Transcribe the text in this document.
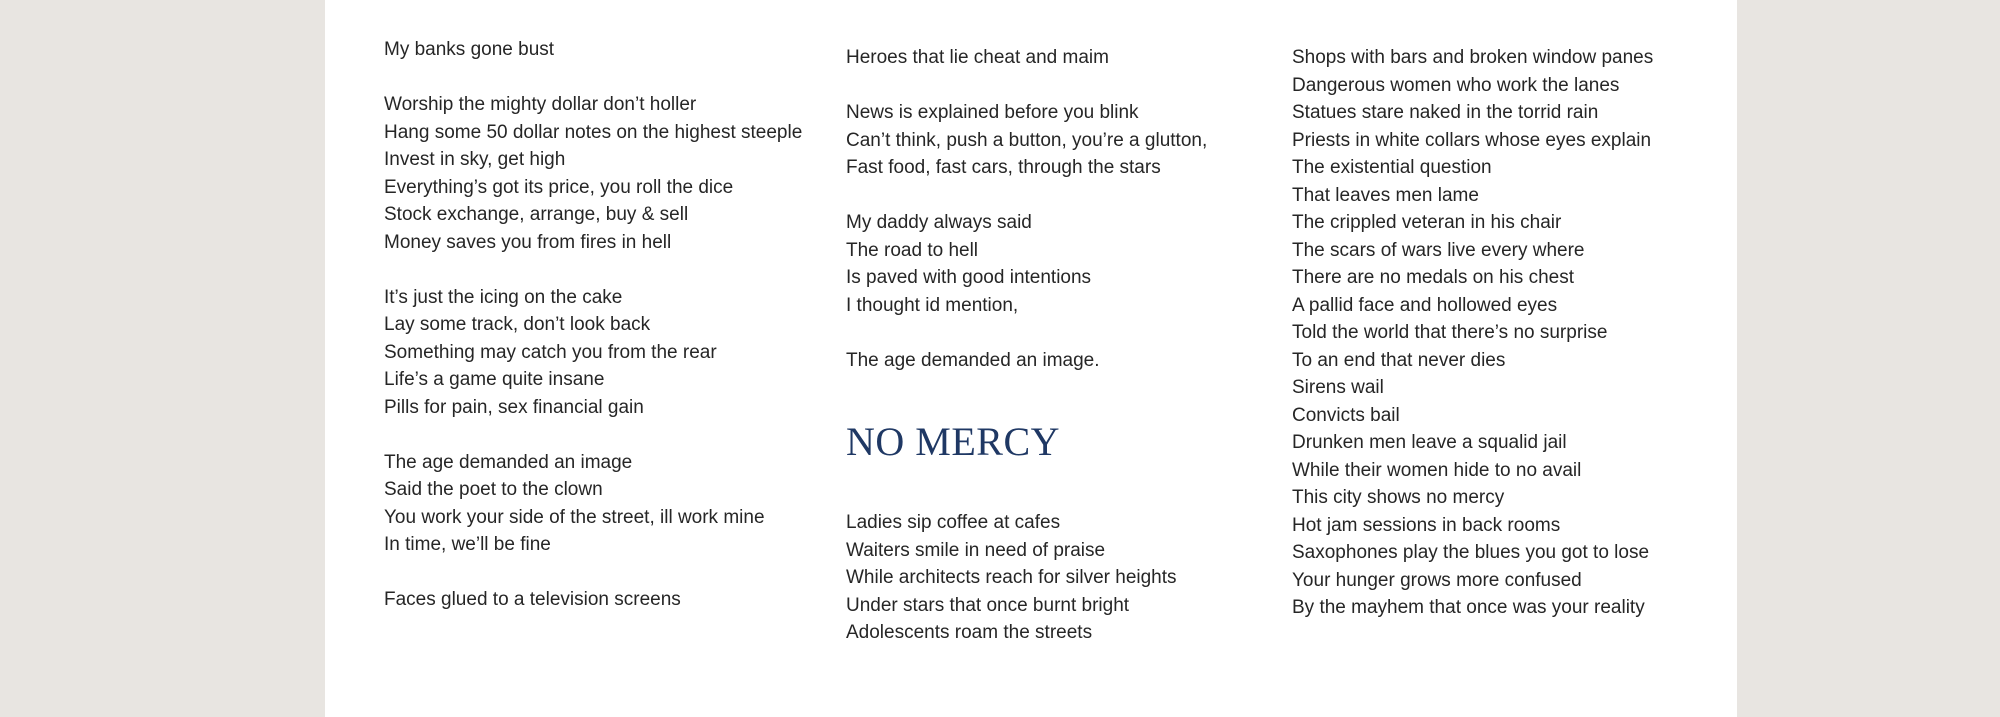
My banks gone bust
Worship the mighty dollar don’t holler
Hang some 50 dollar notes on the highest steeple
Invest in sky, get high
Everything’s got its price, you roll the dice
Stock exchange, arrange, buy & sell
Money saves you from fires in hell
It’s just the icing on the cake
Lay some track, don’t look back
Something may catch you from the rear
Life’s a game quite insane
Pills for pain, sex financial gain
The age demanded an image
Said the poet to the clown
You work your side of the street, ill work mine
In time, we’ll be fine
Faces glued to a television screens
Heroes that lie cheat and maim
News is explained before you blink
Can’t think, push a button, you’re a glutton,
Fast food, fast cars, through the stars
My daddy always said
The road to hell
Is paved with good intentions
I thought id mention,
The age demanded an image.
NO MERCY
Ladies sip coffee at cafes
Waiters smile in need of praise
While architects reach for silver heights
Under stars that once burnt bright
Adolescents roam the streets
Shops with bars and broken window panes
Dangerous women who work the lanes
Statues stare naked in the torrid rain
Priests in white collars whose eyes explain
The existential question
That leaves men lame
The crippled veteran in his chair
The scars of wars live every where
There are no medals on his chest
A pallid face and hollowed eyes
Told the world that there’s no surprise
To an end that never dies
Sirens wail
Convicts bail
Drunken men leave a squalid jail
While their women hide to no avail
This city shows no mercy
Hot jam sessions in back rooms
Saxophones play the blues you got to lose
Your hunger grows more confused
By the mayhem that once was your reality
